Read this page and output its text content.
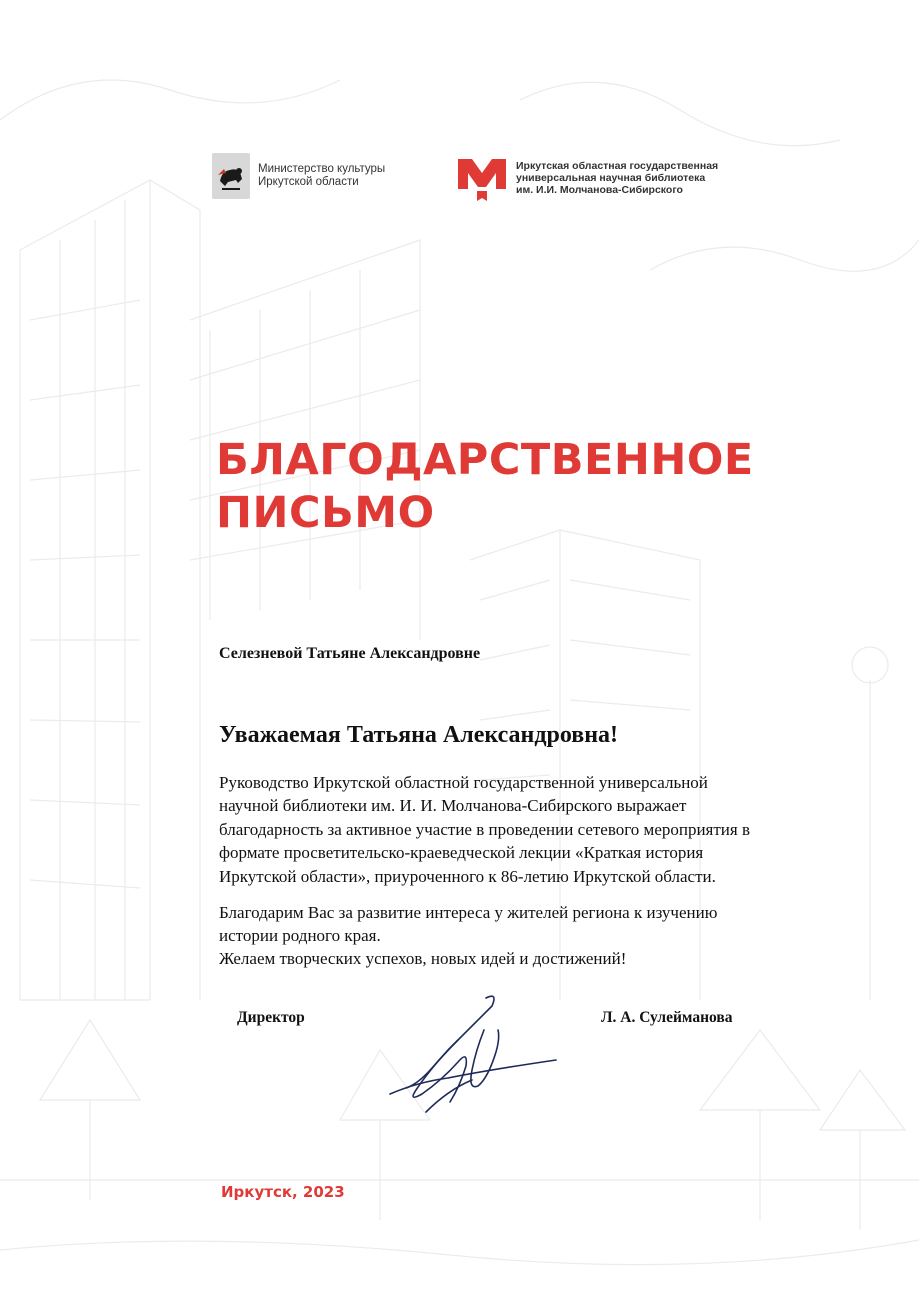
Министерство культуры
Иркутской области
Иркутская областная государственная
универсальная научная библиотека
им. И.И. Молчанова-Сибирского
БЛАГОДАРСТВЕННОЕ
ПИСЬМО
Селезневой Татьяне Александровне
Уважаемая Татьяна Александровна!
Руководство Иркутской областной государственной универсальной
научной библиотеки им. И. И. Молчанова-Сибирского выражает
благодарность за активное участие в проведении сетевого мероприятия в
формате просветительско-краеведческой лекции «Краткая история
Иркутской области», приуроченного к 86-летию Иркутской области.
Благодарим Вас за развитие интереса у жителей региона к изучению
истории родного края.
Желаем творческих успехов, новых идей и достижений!
Директор	Л. А. Сулейманова
Иркутск, 2023
